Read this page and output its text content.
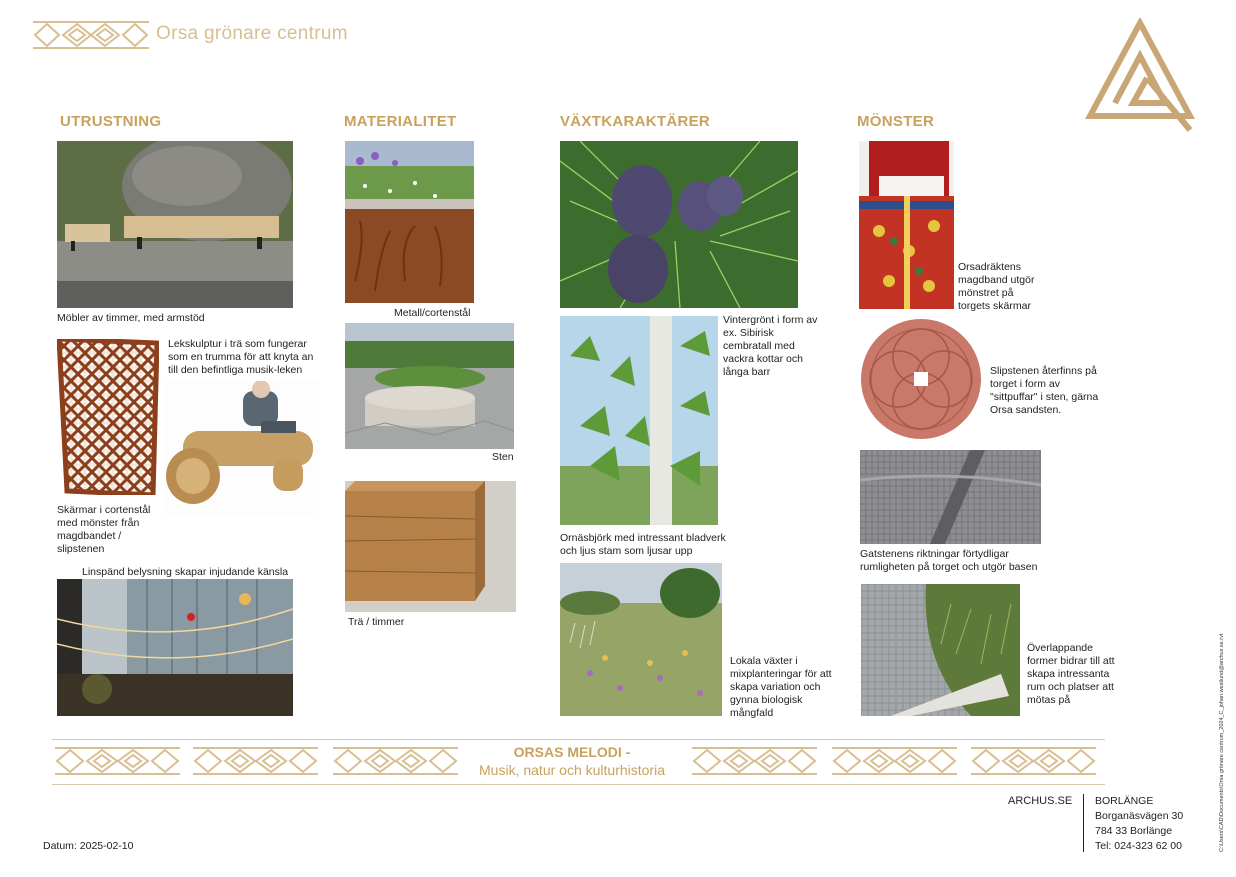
Orsa grönare centrum
UTRUSTNING	MATERIALITET	VÄXTKARAKTÄRER	MÖNSTER
Möbler av timmer, med armstöd
Lekskulptur i trä som fungerar som en trumma för att knyta an till den befintliga musik-leken
Skärmar i cortenstål med mönster från magdbandet / slipstenen
Linspänd belysning skapar injudande känsla
Metall/cortenstål
Sten
Trä / timmer
Vintergrönt i form av ex. Sibirisk cembratall med vackra kottar och långa barr
Ornäsbjörk med intressant bladverk och ljus stam som ljusar upp
Lokala växter i mixplanteringar för att skapa variation och gynna biologisk mångfald
Orsadräktens magdband utgör mönstret på torgets skärmar
Slipstenen återfinns på torget i form av "sittpuffar" i sten, gärna Orsa sandsten.
Gatstenens riktningar förtydligar rumligheten på torget och utgör basen
Överlappande former bidrar till att skapa intressanta rum och platser att mötas på
ORSAS MELODI -
Musik, natur och kulturhistoria
Datum: 2025-02-10
ARCHUS.SE BORLÄNGE
Borganäsvägen 30
784 33 Borlänge
Tel: 024-323 62 00	C:\Users\CAD\Documents\Orsa grönare centrum_2024_C_johan.westlund@archus.se.rvt
